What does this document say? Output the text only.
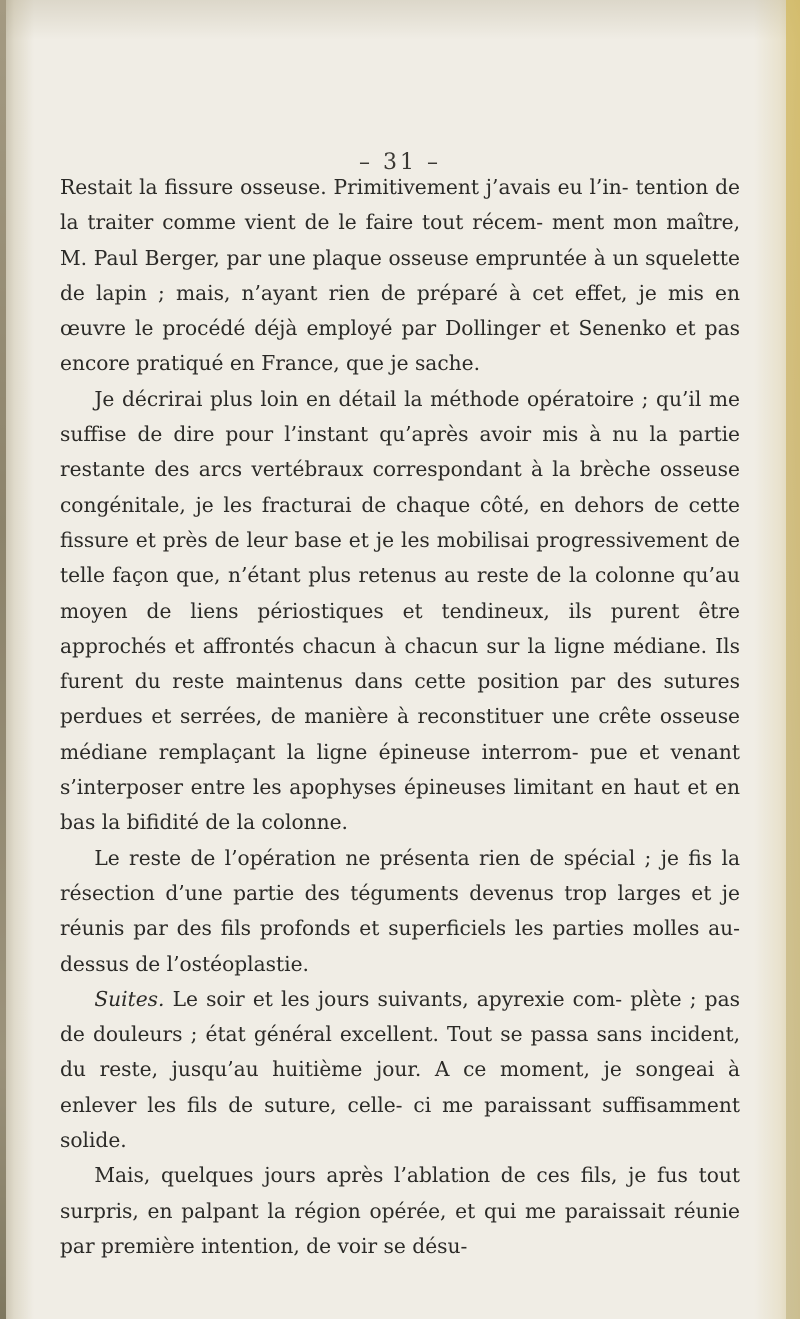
– 31 –

Restait la fissure osseuse. Primitivement j’avais eu l’in- tention de la traiter comme vient de le faire tout récem- ment mon maître, M. Paul Berger, par une plaque osseuse empruntée à un squelette de lapin ; mais, n’ayant rien de préparé à cet effet, je mis en œuvre le procédé déjà employé par Dollinger et Senenko et pas encore pratiqué en France, que je sache.

Je décrirai plus loin en détail la méthode opératoire ; qu’il me suffise de dire pour l’instant qu’après avoir mis à nu la partie restante des arcs vertébraux correspondant à la brèche osseuse congénitale, je les fracturai de chaque côté, en dehors de cette fissure et près de leur base et je les mobilisai progressivement de telle façon que, n’étant plus retenus au reste de la colonne qu’au moyen de liens périostiques et tendineux, ils purent être approchés et affrontés chacun à chacun sur la ligne médiane. Ils furent du reste maintenus dans cette position par des sutures perdues et serrées, de manière à reconstituer une crête osseuse médiane remplaçant la ligne épineuse interrom- pue et venant s’interposer entre les apophyses épineuses limitant en haut et en bas la bifidité de la colonne.

Le reste de l’opération ne présenta rien de spécial ; je fis la résection d’une partie des téguments devenus trop larges et je réunis par des fils profonds et superficiels les parties molles au-dessus de l’ostéoplastie.

Suites. Le soir et les jours suivants, apyrexie com- plète ; pas de douleurs ; état général excellent. Tout se passa sans incident, du reste, jusqu’au huitième jour. A ce moment, je songeai à enlever les fils de suture, celle- ci me paraissant suffisamment solide.

Mais, quelques jours après l’ablation de ces fils, je fus tout surpris, en palpant la région opérée, et qui me paraissait réunie par première intention, de voir se désu-
